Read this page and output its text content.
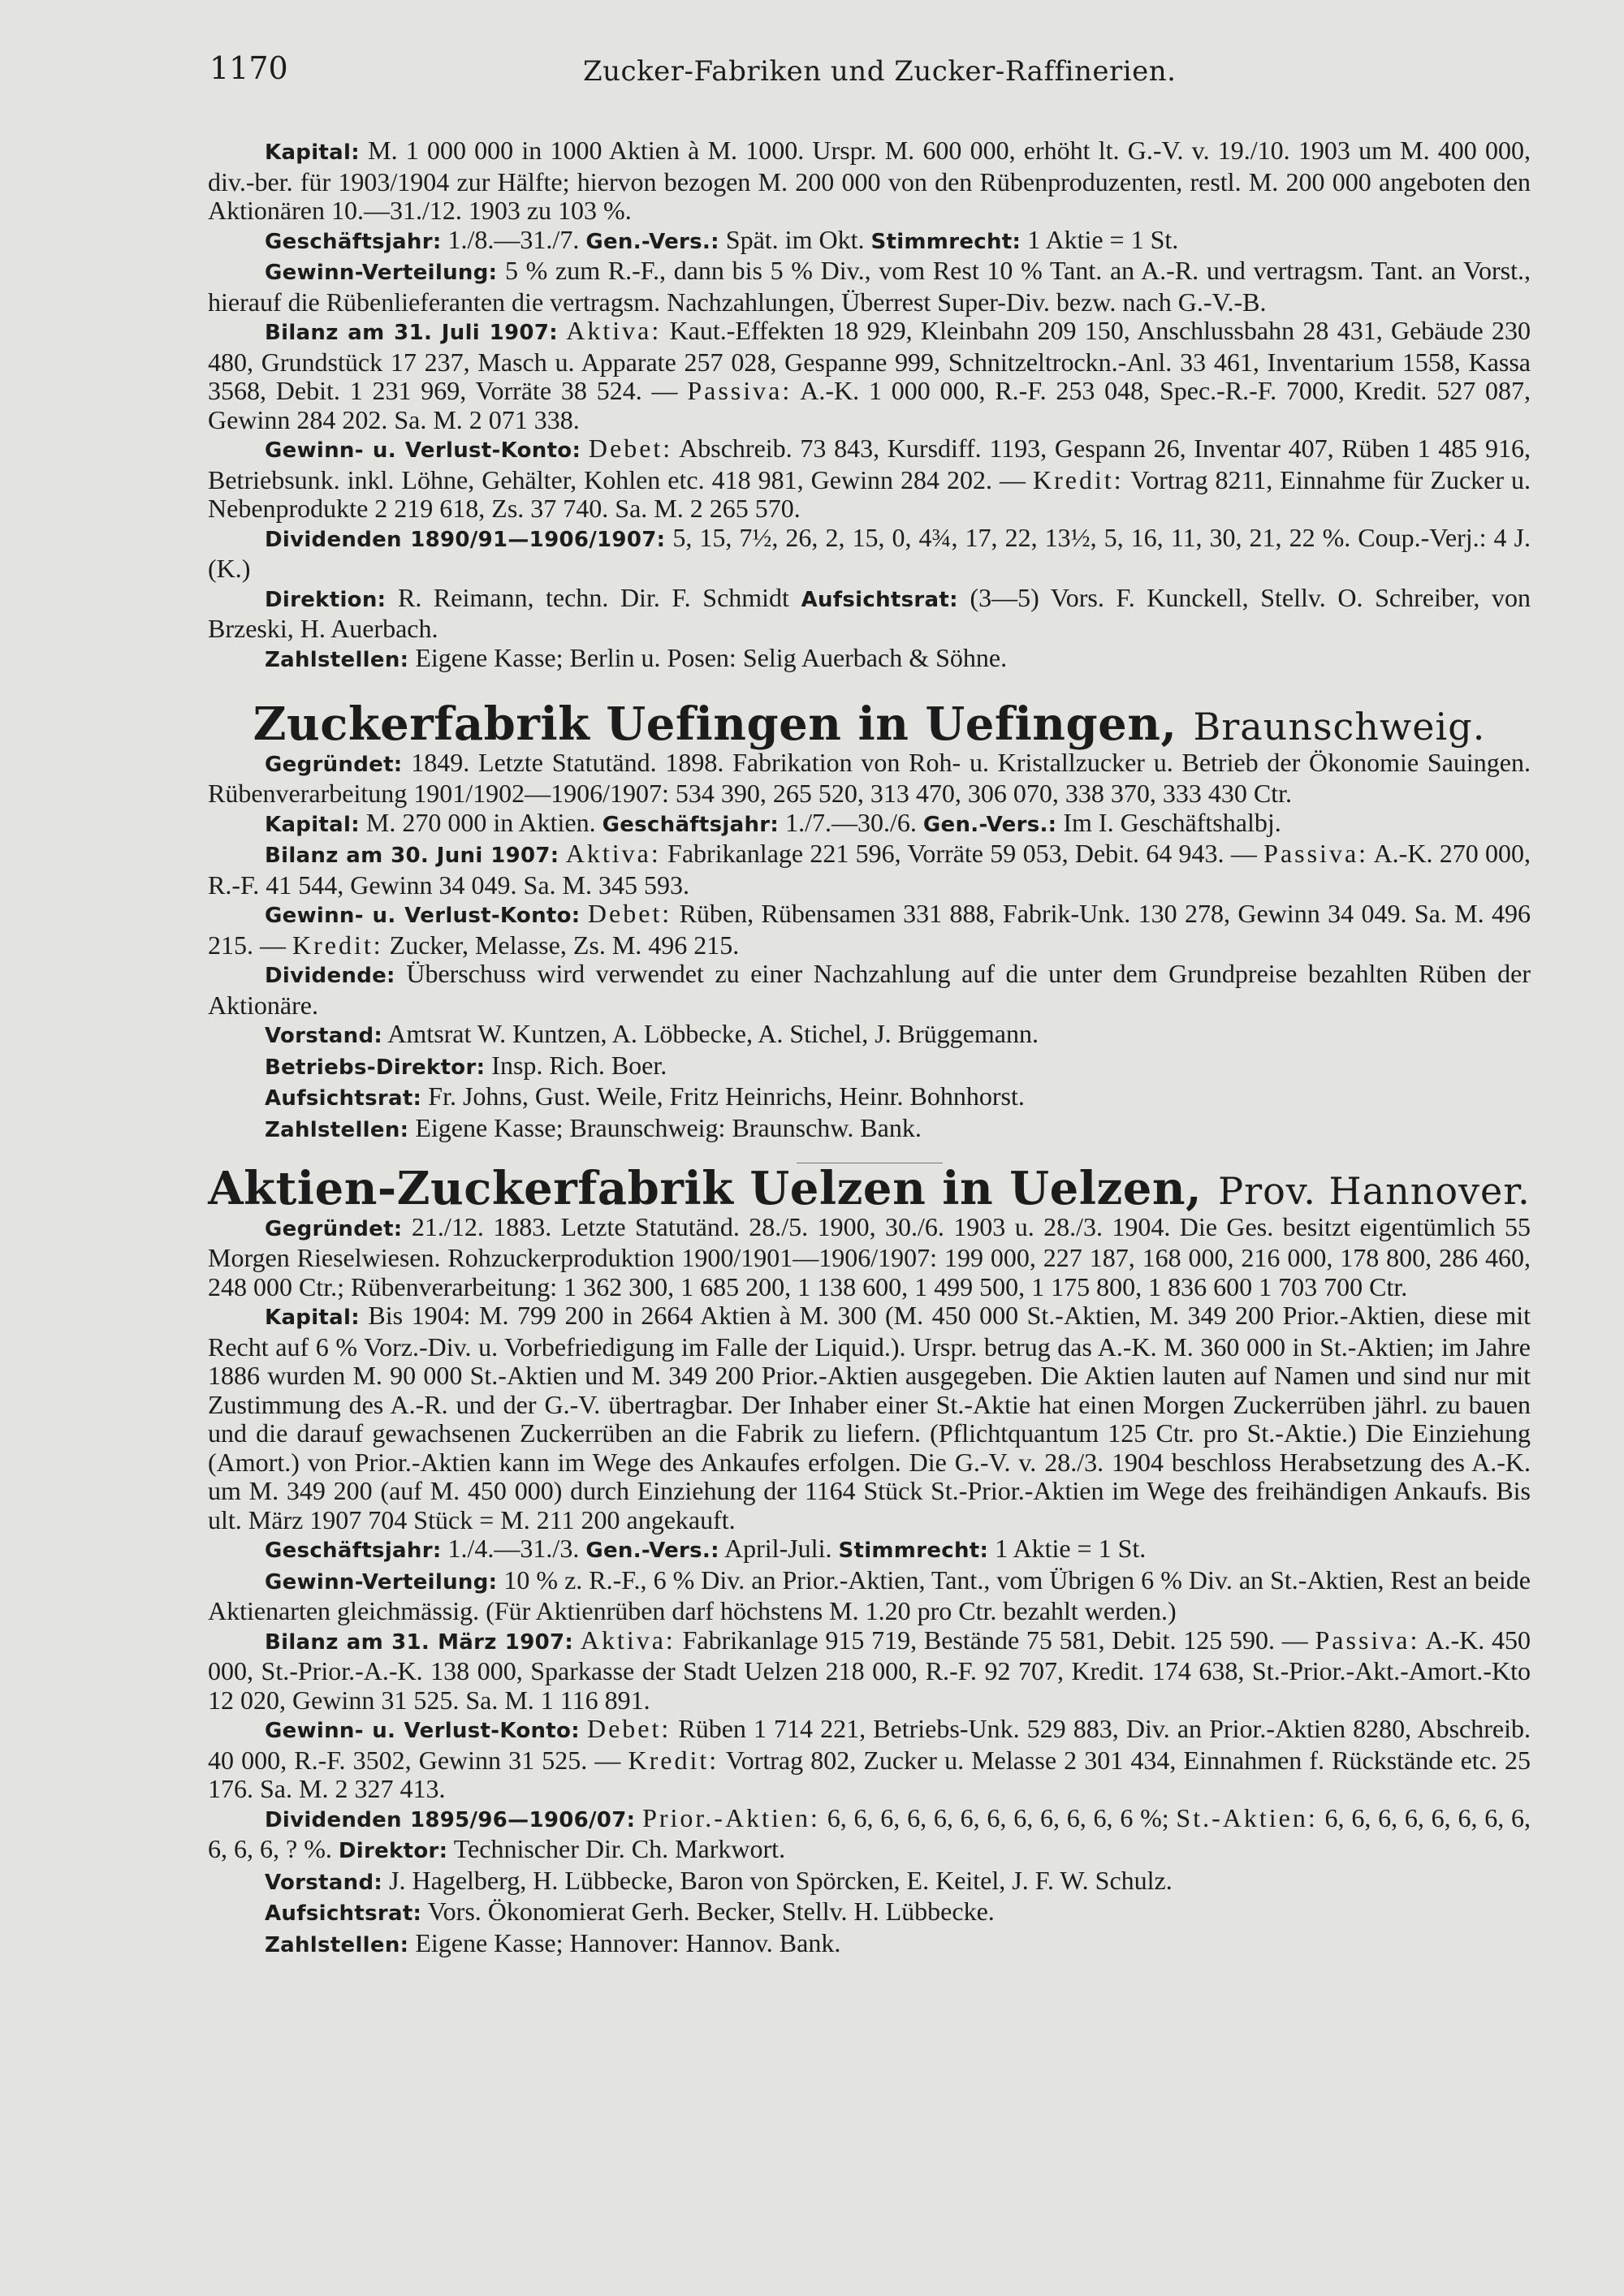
1170	Zucker-Fabriken und Zucker-Raffinerien.

Kapital: M. 1 000 000 in 1000 Aktien à M. 1000. Urspr. M. 600 000, erhöht lt. G.-V. v. 19./10. 1903 um M. 400 000, div.-ber. für 1903/1904 zur Hälfte; hiervon bezogen M. 200 000 von den Rübenproduzenten, restl. M. 200 000 angeboten den Aktionären 10.—31./12. 1903 zu 103 %.

Geschäftsjahr: 1./8.—31./7. Gen.-Vers.: Spät. im Okt. Stimmrecht: 1 Aktie = 1 St.

Gewinn-Verteilung: 5 % zum R.-F., dann bis 5 % Div., vom Rest 10 % Tant. an A.-R. und vertragsm. Tant. an Vorst., hierauf die Rübenlieferanten die vertragsm. Nachzahlungen, Überrest Super-Div. bezw. nach G.-V.-B.

Bilanz am 31. Juli 1907: Aktiva: Kaut.-Effekten 18 929, Kleinbahn 209 150, Anschlussbahn 28 431, Gebäude 230 480, Grundstück 17 237, Masch u. Apparate 257 028, Gespanne 999, Schnitzeltrockn.-Anl. 33 461, Inventarium 1558, Kassa 3568, Debit. 1 231 969, Vorräte 38 524. — Passiva: A.-K. 1 000 000, R.-F. 253 048, Spec.-R.-F. 7000, Kredit. 527 087, Gewinn 284 202. Sa. M. 2 071 338.

Gewinn- u. Verlust-Konto: Debet: Abschreib. 73 843, Kursdiff. 1193, Gespann 26, Inventar 407, Rüben 1 485 916, Betriebsunk. inkl. Löhne, Gehälter, Kohlen etc. 418 981, Gewinn 284 202. — Kredit: Vortrag 8211, Einnahme für Zucker u. Nebenprodukte 2 219 618, Zs. 37 740. Sa. M. 2 265 570.

Dividenden 1890/91—1906/1907: 5, 15, 7½, 26, 2, 15, 0, 4¾, 17, 22, 13½, 5, 16, 11, 30, 21, 22 %. Coup.-Verj.: 4 J. (K.)

Direktion: R. Reimann, techn. Dir. F. Schmidt Aufsichtsrat: (3—5) Vors. F. Kunckell, Stellv. O. Schreiber, von Brzeski, H. Auerbach.

Zahlstellen: Eigene Kasse; Berlin u. Posen: Selig Auerbach & Söhne.

Zuckerfabrik Uefingen in Uefingen, Braunschweig.

Gegründet: 1849. Letzte Statutänd. 1898. Fabrikation von Roh- u. Kristallzucker u. Betrieb der Ökonomie Sauingen. Rübenverarbeitung 1901/1902—1906/1907: 534 390, 265 520, 313 470, 306 070, 338 370, 333 430 Ctr.

Kapital: M. 270 000 in Aktien. Geschäftsjahr: 1./7.—30./6. Gen.-Vers.: Im I. Geschäftshalbj.

Bilanz am 30. Juni 1907: Aktiva: Fabrikanlage 221 596, Vorräte 59 053, Debit. 64 943. — Passiva: A.-K. 270 000, R.-F. 41 544, Gewinn 34 049. Sa. M. 345 593.

Gewinn- u. Verlust-Konto: Debet: Rüben, Rübensamen 331 888, Fabrik-Unk. 130 278, Gewinn 34 049. Sa. M. 496 215. — Kredit: Zucker, Melasse, Zs. M. 496 215.

Dividende: Überschuss wird verwendet zu einer Nachzahlung auf die unter dem Grundpreise bezahlten Rüben der Aktionäre.

Vorstand: Amtsrat W. Kuntzen, A. Löbbecke, A. Stichel, J. Brüggemann.

Betriebs-Direktor: Insp. Rich. Boer.

Aufsichtsrat: Fr. Johns, Gust. Weile, Fritz Heinrichs, Heinr. Bohnhorst.

Zahlstellen: Eigene Kasse; Braunschweig: Braunschw. Bank.

Aktien-Zuckerfabrik Uelzen in Uelzen, Prov. Hannover.

Gegründet: 21./12. 1883. Letzte Statutänd. 28./5. 1900, 30./6. 1903 u. 28./3. 1904. Die Ges. besitzt eigentümlich 55 Morgen Rieselwiesen. Rohzuckerproduktion 1900/1901—1906/1907: 199 000, 227 187, 168 000, 216 000, 178 800, 286 460, 248 000 Ctr.; Rübenverarbeitung: 1 362 300, 1 685 200, 1 138 600, 1 499 500, 1 175 800, 1 836 600 1 703 700 Ctr.

Kapital: Bis 1904: M. 799 200 in 2664 Aktien à M. 300 (M. 450 000 St.-Aktien, M. 349 200 Prior.-Aktien, diese mit Recht auf 6 % Vorz.-Div. u. Vorbefriedigung im Falle der Liquid.). Urspr. betrug das A.-K. M. 360 000 in St.-Aktien; im Jahre 1886 wurden M. 90 000 St.-Aktien und M. 349 200 Prior.-Aktien ausgegeben. Die Aktien lauten auf Namen und sind nur mit Zustimmung des A.-R. und der G.-V. übertragbar. Der Inhaber einer St.-Aktie hat einen Morgen Zuckerrüben jährl. zu bauen und die darauf gewachsenen Zuckerrüben an die Fabrik zu liefern. (Pflichtquantum 125 Ctr. pro St.-Aktie.) Die Einziehung (Amort.) von Prior.-Aktien kann im Wege des Ankaufes erfolgen. Die G.-V. v. 28./3. 1904 beschloss Herabsetzung des A.-K. um M. 349 200 (auf M. 450 000) durch Einziehung der 1164 Stück St.-Prior.-Aktien im Wege des freihändigen Ankaufs. Bis ult. März 1907 704 Stück = M. 211 200 angekauft.

Geschäftsjahr: 1./4.—31./3. Gen.-Vers.: April-Juli. Stimmrecht: 1 Aktie = 1 St.

Gewinn-Verteilung: 10 % z. R.-F., 6 % Div. an Prior.-Aktien, Tant., vom Übrigen 6 % Div. an St.-Aktien, Rest an beide Aktienarten gleichmässig. (Für Aktienrüben darf höchstens M. 1.20 pro Ctr. bezahlt werden.)

Bilanz am 31. März 1907: Aktiva: Fabrikanlage 915 719, Bestände 75 581, Debit. 125 590. — Passiva: A.-K. 450 000, St.-Prior.-A.-K. 138 000, Sparkasse der Stadt Uelzen 218 000, R.-F. 92 707, Kredit. 174 638, St.-Prior.-Akt.-Amort.-Kto 12 020, Gewinn 31 525. Sa. M. 1 116 891.

Gewinn- u. Verlust-Konto: Debet: Rüben 1 714 221, Betriebs-Unk. 529 883, Div. an Prior.-Aktien 8280, Abschreib. 40 000, R.-F. 3502, Gewinn 31 525. — Kredit: Vortrag 802, Zucker u. Melasse 2 301 434, Einnahmen f. Rückstände etc. 25 176. Sa. M. 2 327 413.

Dividenden 1895/96—1906/07: Prior.-Aktien: 6, 6, 6, 6, 6, 6, 6, 6, 6, 6, 6, 6 %; St.-Aktien: 6, 6, 6, 6, 6, 6, 6, 6, 6, 6, 6, ? %. Direktor: Technischer Dir. Ch. Markwort.

Vorstand: J. Hagelberg, H. Lübbecke, Baron von Spörcken, E. Keitel, J. F. W. Schulz.

Aufsichtsrat: Vors. Ökonomierat Gerh. Becker, Stellv. H. Lübbecke.

Zahlstellen: Eigene Kasse; Hannover: Hannov. Bank.
